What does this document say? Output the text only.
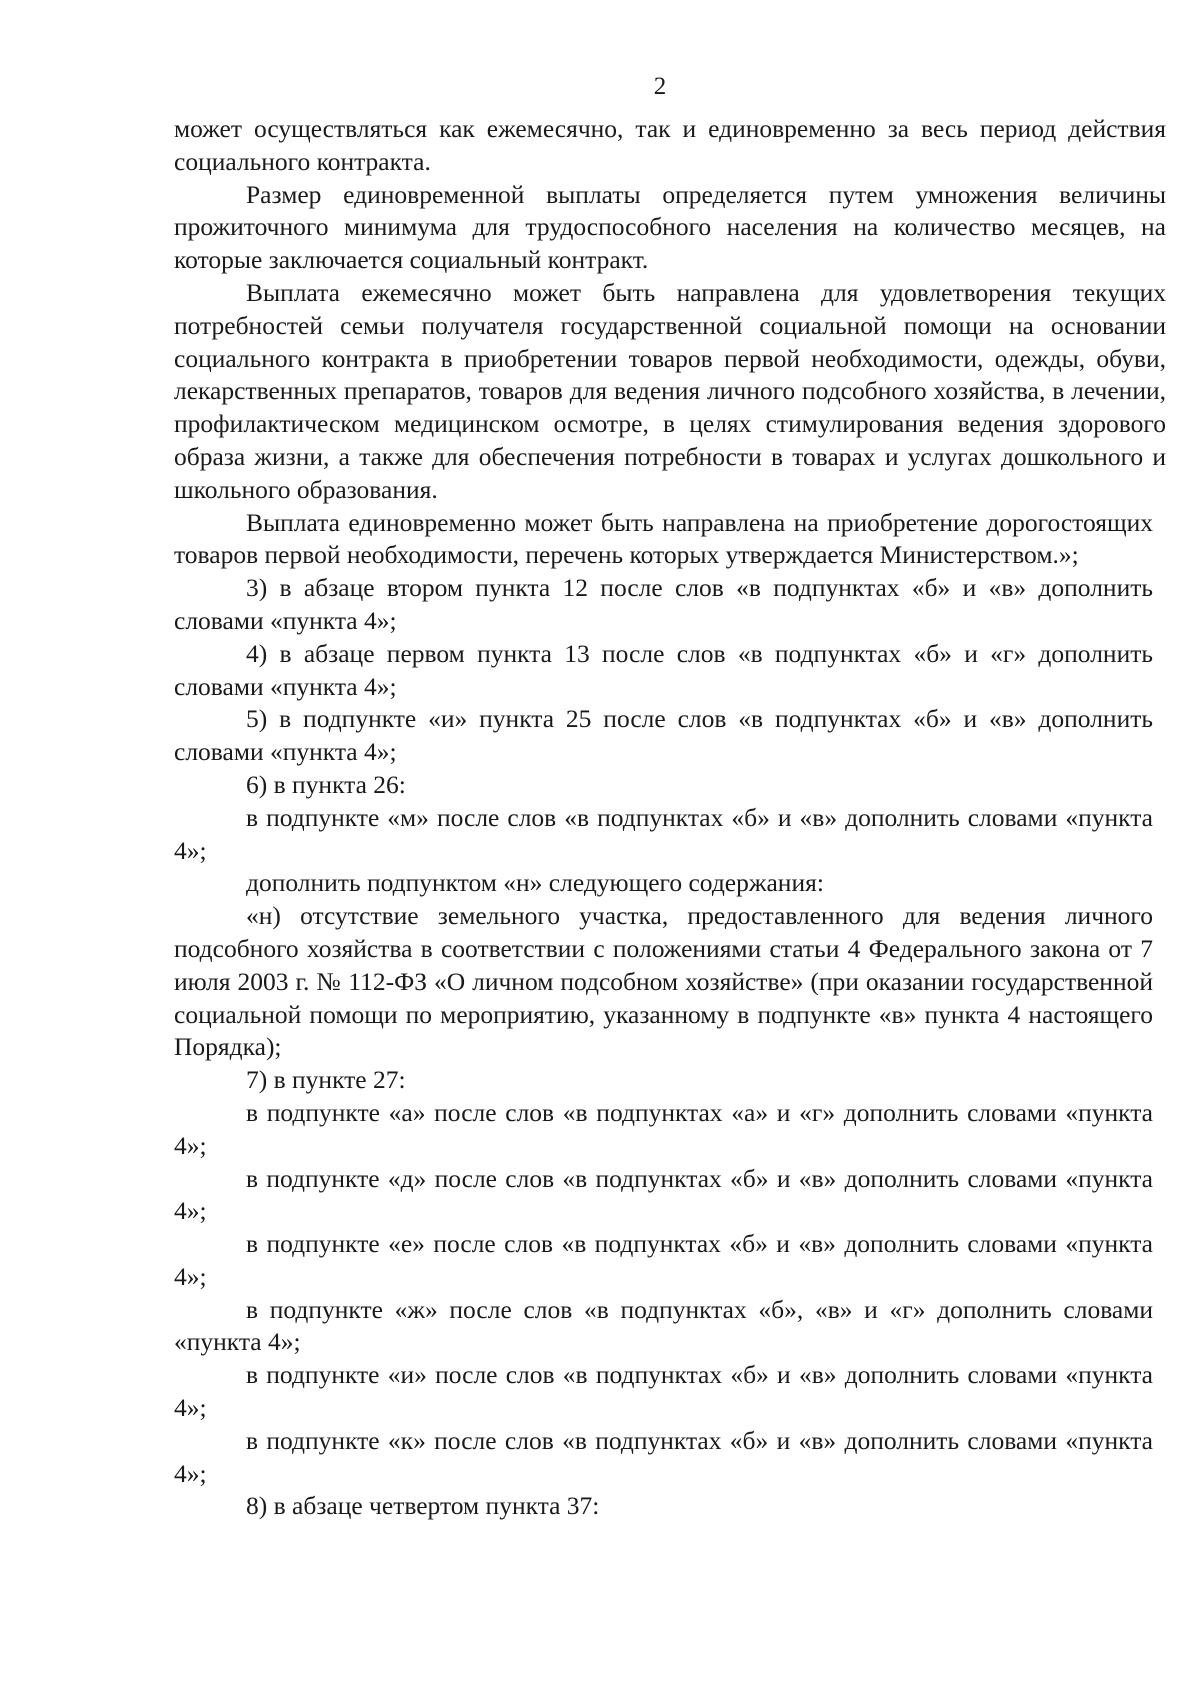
2

может осуществляться как ежемесячно, так и единовременно за весь период действия социального контракта.

Размер единовременной выплаты определяется путем умножения величины прожиточного минимума для трудоспособного населения на количество месяцев, на которые заключается социальный контракт.

Выплата ежемесячно может быть направлена для удовлетворения текущих потребностей семьи получателя государственной социальной помощи на основании социального контракта в приобретении товаров первой необходимости, одежды, обуви, лекарственных препаратов, товаров для ведения личного подсобного хозяйства, в лечении, профилактическом медицинском осмотре, в целях стимулирования ведения здорового образа жизни, а также для обеспечения потребности в товарах и услугах дошкольного и школьного образования.

Выплата единовременно может быть направлена на приобретение дорогостоящих товаров первой необходимости, перечень которых утверждается Министерством.»;

3) в абзаце втором пункта 12 после слов «в подпунктах «б» и «в» дополнить словами «пункта 4»;

4) в абзаце первом пункта 13 после слов «в подпунктах «б» и «г» дополнить словами «пункта 4»;

5) в подпункте «и» пункта 25 после слов «в подпунктах «б» и «в» дополнить словами «пункта 4»;

6) в пункта 26:

в подпункте «м» после слов «в подпунктах «б» и «в» дополнить словами «пункта 4»;

дополнить подпунктом «н» следующего содержания:

«н) отсутствие земельного участка, предоставленного для ведения личного подсобного хозяйства в соответствии с положениями статьи 4 Федерального закона от 7 июля 2003 г. № 112-ФЗ «О личном подсобном хозяйстве» (при оказании государственной социальной помощи по мероприятию, указанному в подпункте «в» пункта 4 настоящего Порядка);

7) в пункте 27:

в подпункте «а» после слов «в подпунктах «а» и «г» дополнить словами «пункта 4»;

в подпункте «д» после слов «в подпунктах «б» и «в» дополнить словами «пункта 4»;

в подпункте «е» после слов «в подпунктах «б» и «в» дополнить словами «пункта 4»;

в подпункте «ж» после слов «в подпунктах «б», «в» и «г» дополнить словами «пункта 4»;

в подпункте «и» после слов «в подпунктах «б» и «в» дополнить словами «пункта 4»;

в подпункте «к» после слов «в подпунктах «б» и «в» дополнить словами «пункта 4»;

8) в абзаце четвертом пункта 37:
